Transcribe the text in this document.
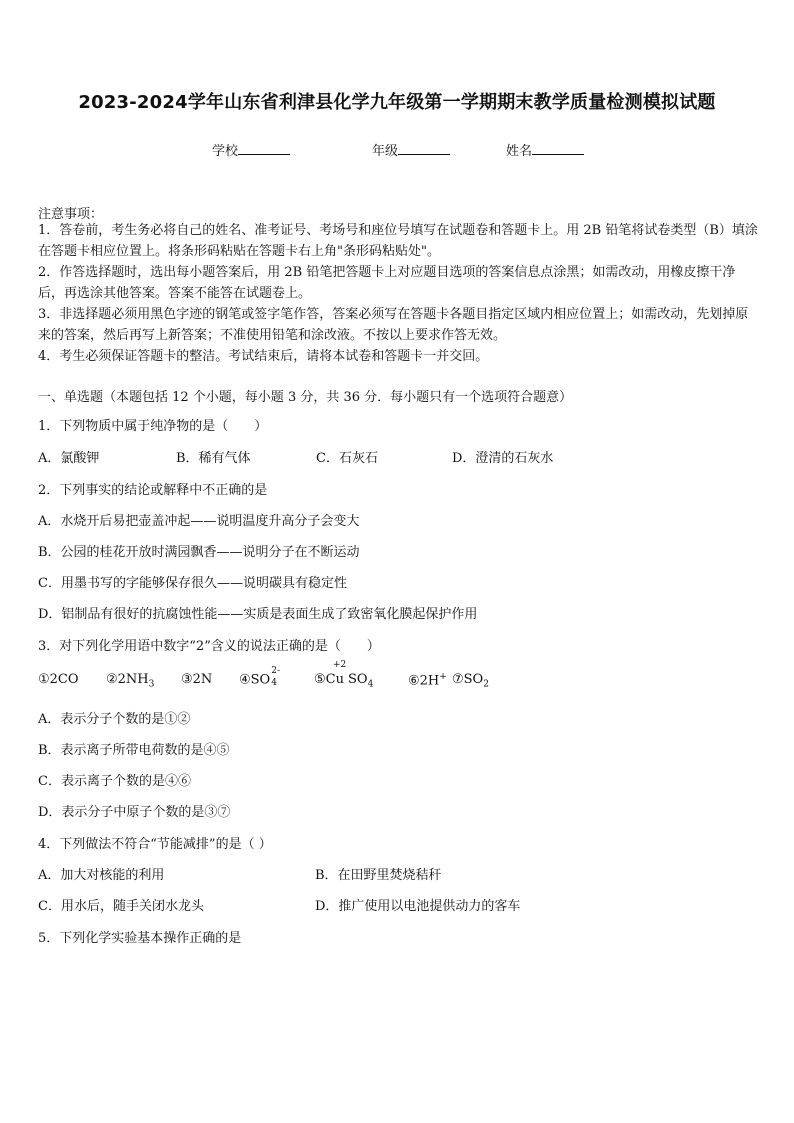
2023-2024学年山东省利津县化学九年级第一学期期末教学质量检测模拟试题
学校	年级	姓名
注意事项：
1．答卷前，考生务必将自己的姓名、准考证号、考场号和座位号填写在试题卷和答题卡上。用 2B 铅笔将试卷类型（B）填涂在答题卡相应位置上。将条形码粘贴在答题卡右上角"条形码粘贴处"。
2．作答选择题时，选出每小题答案后，用 2B 铅笔把答题卡上对应题目选项的答案信息点涂黑；如需改动，用橡皮擦干净后，再选涂其他答案。答案不能答在试题卷上。
3．非选择题必须用黑色字迹的钢笔或签字笔作答，答案必须写在答题卡各题目指定区域内相应位置上；如需改动，先划掉原来的答案，然后再写上新答案；不准使用铅笔和涂改液。不按以上要求作答无效。
4．考生必须保证答题卡的整洁。考试结束后，请将本试卷和答题卡一并交回。
一、单选题（本题包括 12 个小题，每小题 3 分，共 36 分．每小题只有一个选项符合题意）
1．下列物质中属于纯净物的是（　　）
A．氯酸钾	B．稀有气体	C．石灰石	D．澄清的石灰水
2．下列事实的结论或解释中不正确的是
A．水烧开后易把壶盖冲起——说明温度升高分子会变大
B．公园的桂花开放时满园飘香——说明分子在不断运动
C．用墨书写的字能够保存很久——说明碳具有稳定性
D．铝制品有很好的抗腐蚀性能——实质是表面生成了致密氧化膜起保护作用
3．对下列化学用语中数字“2”含义的说法正确的是（　　）
①2CO $②2NH_3$ ③2N ④SO
2-
4
+2
⑤Cu $SO_4$	⑥2H+ $⑦SO_2$
A．表示分子个数的是①②
B．表示离子所带电荷数的是④⑤
C．表示离子个数的是④⑥
D．表示分子中原子个数的是③⑦
4．下列做法不符合“节能减排”的是（ ）
A．加大对核能的利用	B．在田野里焚烧秸秆
C．用水后，随手关闭水龙头	D．推广使用以电池提供动力的客车
5．下列化学实验基本操作正确的是
